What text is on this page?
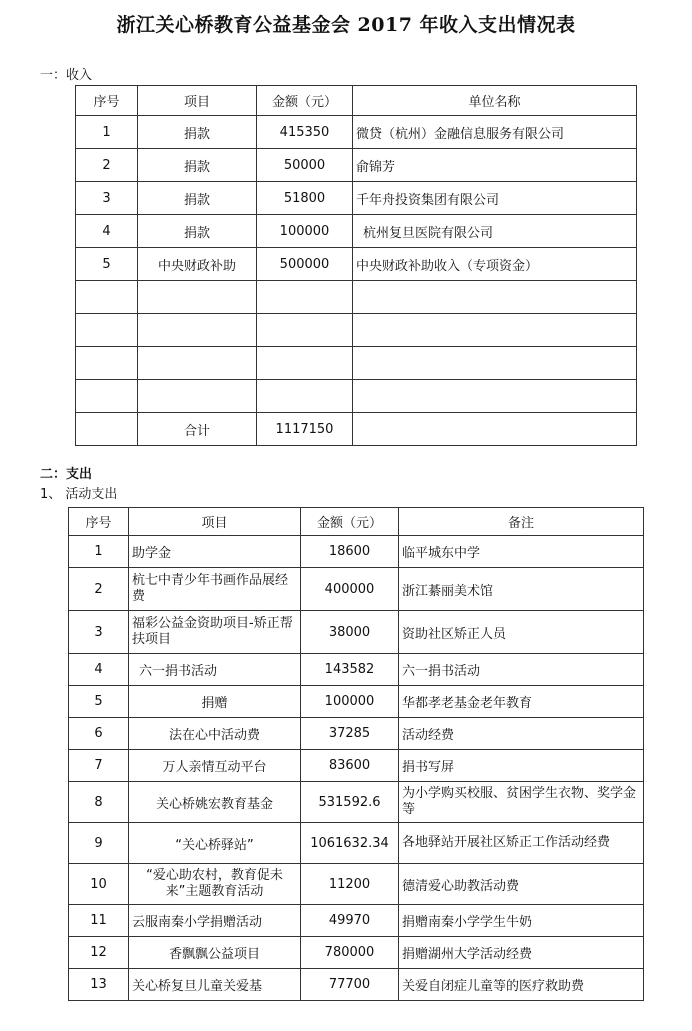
浙江关心桥教育公益基金会 2017 年收入支出情况表
一：收入
序号	项目	金额（元）	单位名称
1	捐款	415350	微贷（杭州）金融信息服务有限公司
2	捐款	50000	俞锦芳
3	捐款	51800	千年舟投资集团有限公司
4	捐款	100000	杭州复旦医院有限公司
5	中央财政补助	500000	中央财政补助收入（专项资金）

	合计	1117150	
二：支出
1、 活动支出
序号	项目	金额（元）	备注
1	助学金	18600	临平城东中学
2	杭七中青少年书画作品展经费	400000	浙江綦丽美术馆
3	福彩公益金资助项目-矫正帮扶项目	38000	资助社区矫正人员
4	六一捐书活动	143582	六一捐书活动
5	捐赠	100000	华都孝老基金老年教育
6	法在心中活动费	37285	活动经费
7	万人亲情互动平台	83600	捐书写屏
8	关心桥姚宏教育基金	531592.6	为小学购买校服、贫困学生衣物、奖学金等
9	“关心桥驿站”	1061632.34	各地驿站开展社区矫正工作活动经费
10	“爱心助农村，教育促未来”主题教育活动	11200	德清爱心助教活动费
11	云服南秦小学捐赠活动	49970	捐赠南秦小学学生牛奶
12	香飘飘公益项目	780000	捐赠湖州大学活动经费
13	关心桥复旦儿童关爱基	77700	关爱自闭症儿童等的医疗救助费
